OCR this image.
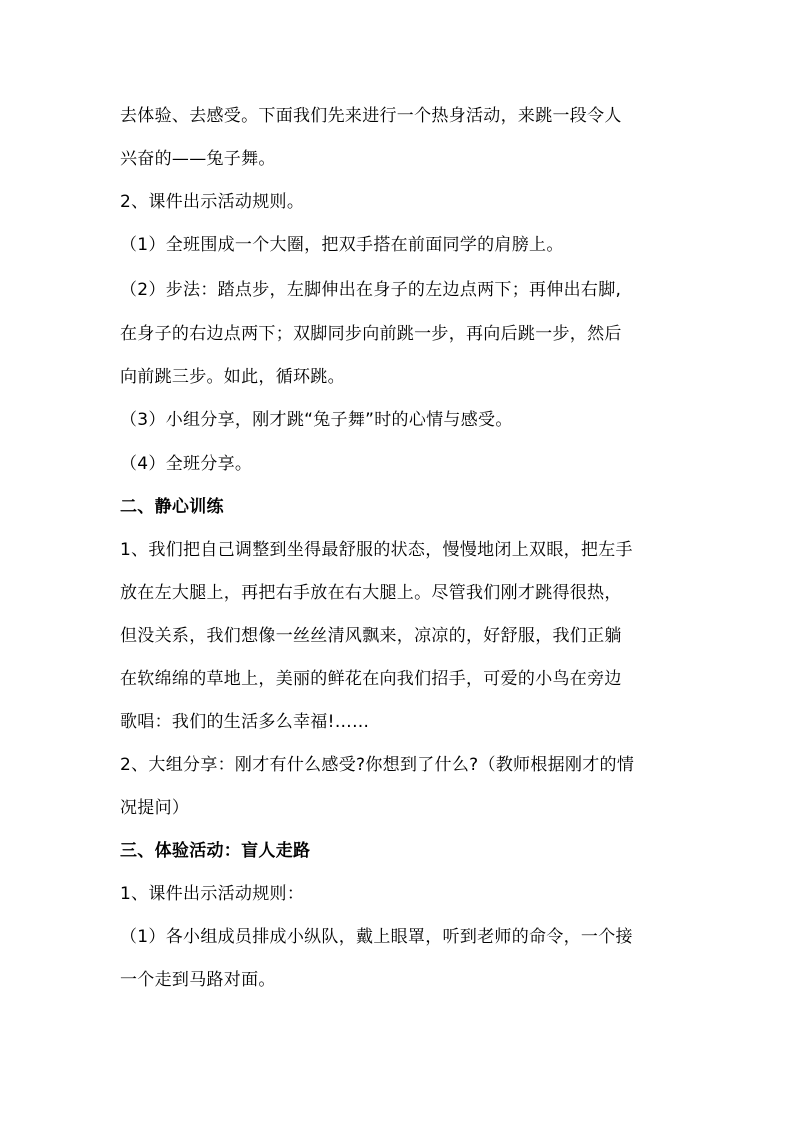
去体验、去感受。下面我们先来进行一个热身活动，来跳一段令人
兴奋的——兔子舞。
2、课件出示活动规则。
（1）全班围成一个大圈，把双手搭在前面同学的肩膀上。
（2）步法：踏点步，左脚伸出在身子的左边点两下；再伸出右脚,
在身子的右边点两下；双脚同步向前跳一步，再向后跳一步，然后
向前跳三步。如此，循环跳。
（3）小组分享，刚才跳“兔子舞”时的心情与感受。
（4）全班分享。
二、静心训练
1、我们把自己调整到坐得最舒服的状态，慢慢地闭上双眼，把左手
放在左大腿上，再把右手放在右大腿上。尽管我们刚才跳得很热，
但没关系，我们想像一丝丝清风飘来，凉凉的，好舒服，我们正躺
在软绵绵的草地上，美丽的鲜花在向我们招手，可爱的小鸟在旁边
歌唱：我们的生活多么幸福!……
2、大组分享：刚才有什么感受?你想到了什么?（教师根据刚才的情
况提问）
三、体验活动：盲人走路
1、课件出示活动规则：
（1）各小组成员排成小纵队，戴上眼罩，听到老师的命令，一个接
一个走到马路对面。
